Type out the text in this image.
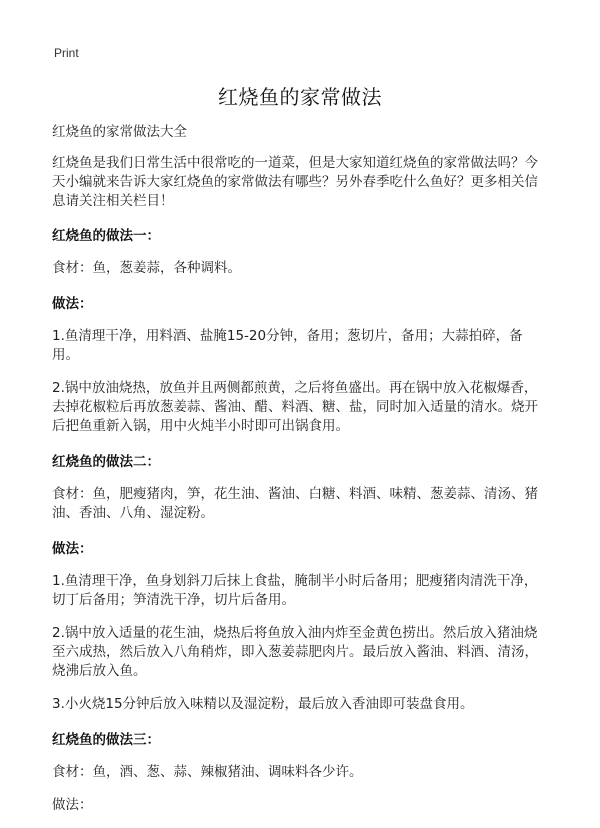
Print
红烧鱼的家常做法
红烧鱼的家常做法大全
红烧鱼是我们日常生活中很常吃的一道菜，但是大家知道红烧鱼的家常做法吗？今天小编就来告诉大家红烧鱼的家常做法有哪些？另外春季吃什么鱼好？更多相关信息请关注相关栏目！
红烧鱼的做法一：
食材：鱼，葱姜蒜，各种调料。
做法：
1.鱼清理干净，用料酒、盐腌15-20分钟，备用；葱切片，备用；大蒜拍碎，备用。
2.锅中放油烧热，放鱼并且两侧都煎黄，之后将鱼盛出。再在锅中放入花椒爆香，去掉花椒粒后再放葱姜蒜、酱油、醋、料酒、糖、盐，同时加入适量的清水。烧开后把鱼重新入锅，用中火炖半小时即可出锅食用。
红烧鱼的做法二：
食材：鱼，肥瘦猪肉，笋，花生油、酱油、白糖、料酒、味精、葱姜蒜、清汤、猪油、香油、八角、湿淀粉。
做法：
1.鱼清理干净，鱼身划斜刀后抹上食盐，腌制半小时后备用；肥瘦猪肉清洗干净，切丁后备用；笋清洗干净，切片后备用。
2.锅中放入适量的花生油，烧热后将鱼放入油内炸至金黄色捞出。然后放入猪油烧至六成热，然后放入八角稍炸，即入葱姜蒜肥肉片。最后放入酱油、料酒、清汤，烧沸后放入鱼。
3.小火烧15分钟后放入味精以及湿淀粉，最后放入香油即可装盘食用。
红烧鱼的做法三：
食材：鱼，酒、葱、蒜、辣椒猪油、调味料各少许。
做法：
